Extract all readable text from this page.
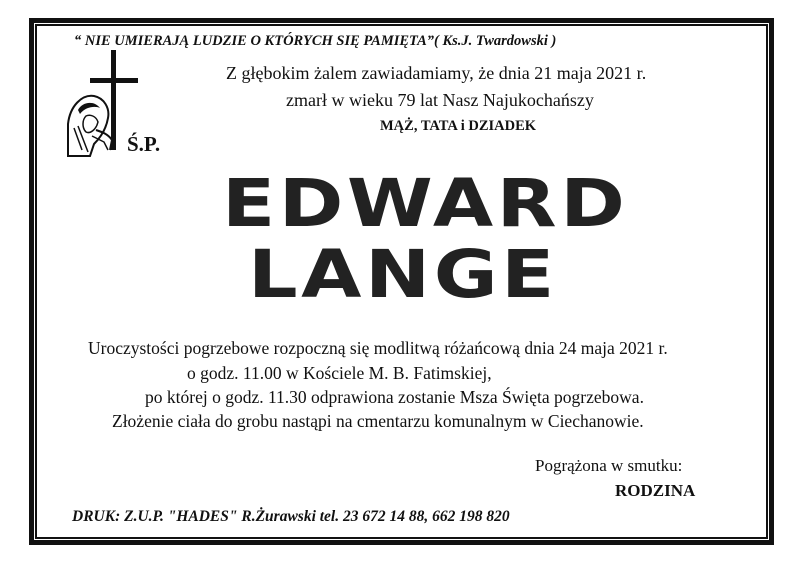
“ NIE UMIERAJĄ LUDZIE O KTÓRYCH SIĘ PAMIĘTA”( Ks.J. Twardowski )
Ś.P.
Z głębokim żalem zawiadamiamy, że dnia 21 maja 2021 r.
zmarł w wieku 79 lat Nasz Najukochańszy
MĄŻ, TATA i DZIADEK
EDWARD
LANGE
Uroczystości pogrzebowe rozpoczną się modlitwą różańcową dnia 24 maja 2021 r.
o godz. 11.00 w Kościele M. B. Fatimskiej,
po której o godz. 11.30 odprawiona zostanie Msza Święta pogrzebowa.
Złożenie ciała do grobu nastąpi na cmentarzu komunalnym w Ciechanowie.
Pogrążona w smutku:
RODZINA
DRUK: Z.U.P. "HADES" R.Żurawski tel. 23 672 14 88, 662 198 820
